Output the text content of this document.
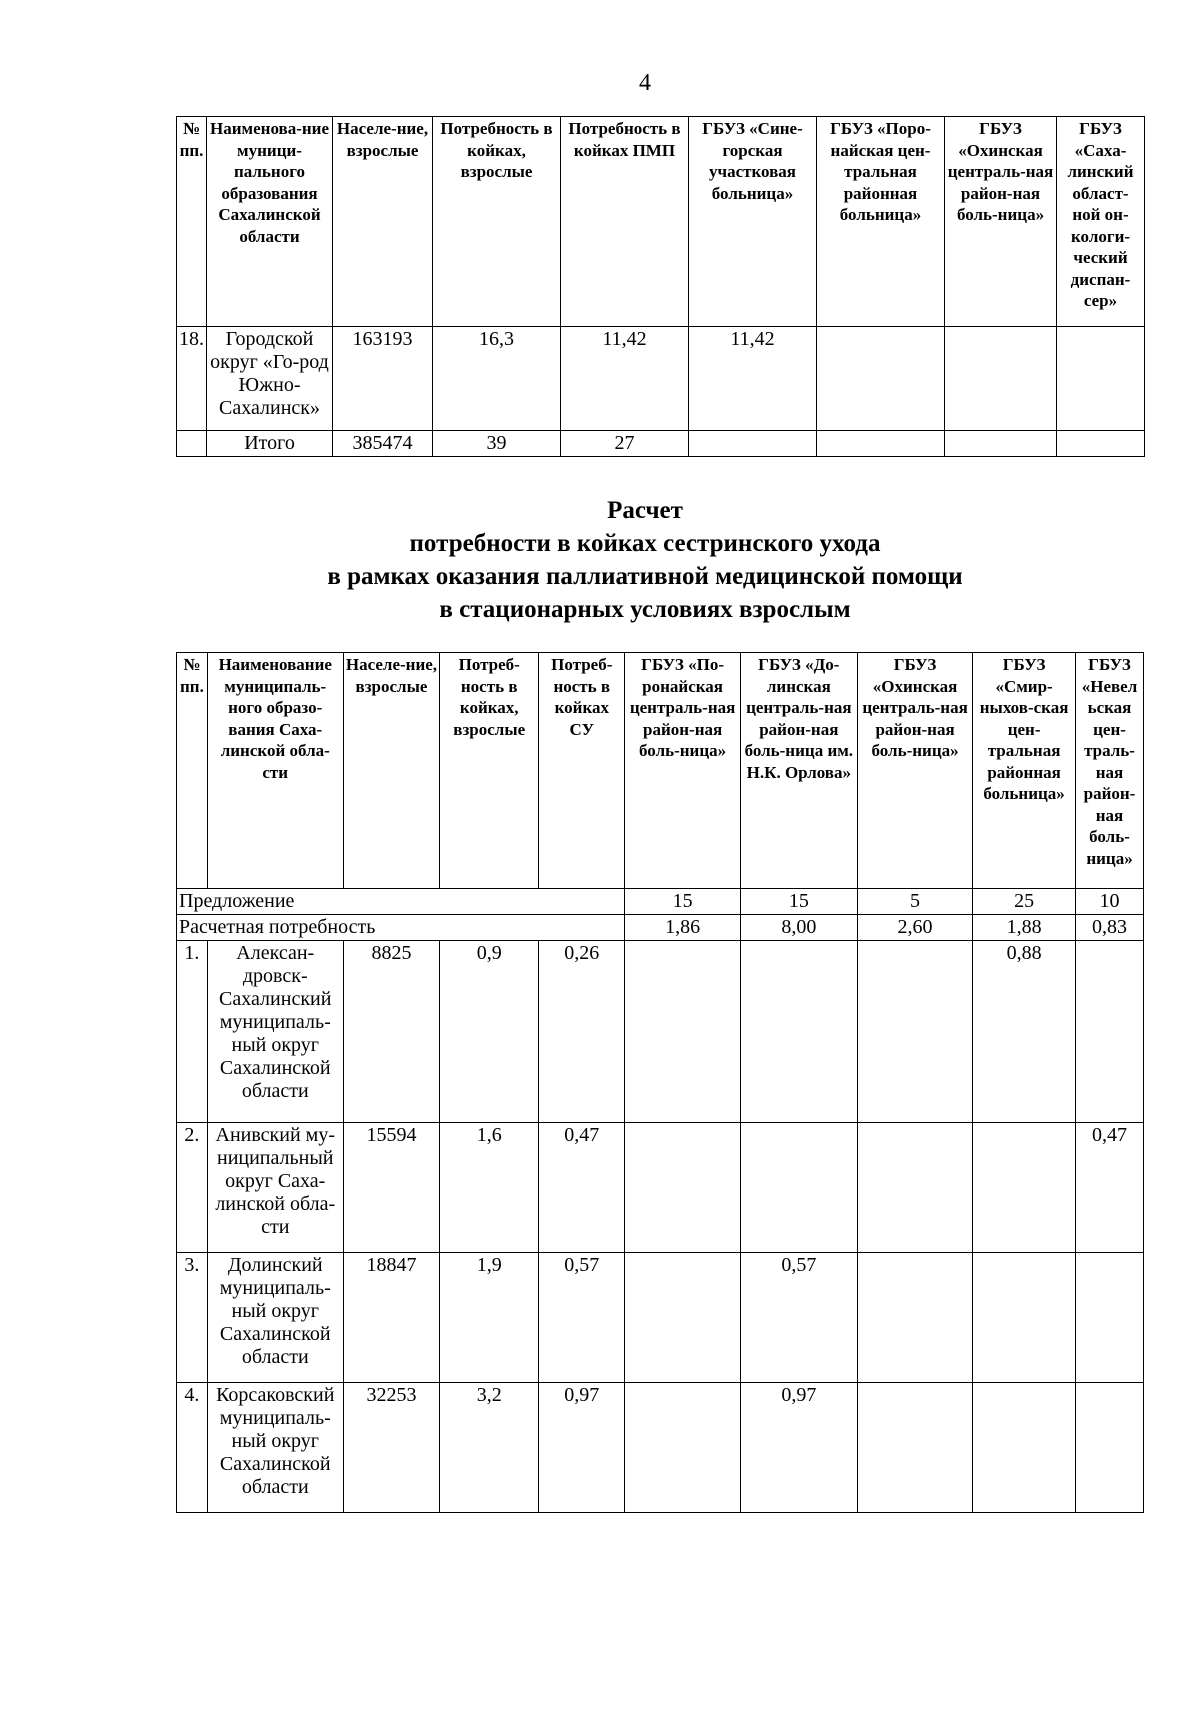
4
№ пп.	Наименова-ние муници-пального образования Сахалинской области	Населе-ние, взрослые	Потребность в койках, взрослые	Потребность в койках ПМП	ГБУЗ «Сине-горская участковая больница»	ГБУЗ «Поро-найская цен-тральная районная больница»	ГБУЗ «Охинская централь-ная район-ная боль-ница»	ГБУЗ «Саха-линский област-ной он-кологи-ческий диспан-сер»
18.	Городской округ «Го-род Южно-Сахалинск»	163193	16,3	11,42	11,42			
	Итого	385474	39	27				
Расчет
потребности в койках сестринского ухода
в рамках оказания паллиативной медицинской помощи
в стационарных условиях взрослым
№ пп.	Наименование муниципаль-ного образо-вания Саха-линской обла-сти	Населе-ние, взрослые	Потреб-ность в койках, взрослые	Потреб-ность в койках СУ	ГБУЗ «По-ронайская централь-ная район-ная боль-ница»	ГБУЗ «До-линская централь-ная район-ная боль-ница им. Н.К. Орлова»	ГБУЗ «Охинская централь-ная район-ная боль-ница»	ГБУЗ «Смир-ныхов-ская цен-тральная районная больница»	ГБУЗ «Невел ьская цен-траль-ная район-ная боль-ница»
Предложение					15	15	5	25	10
Расчетная потребность					1,86	8,00	2,60	1,88	0,83
1.	Алексан-дровск-Сахалинский муниципаль-ный округ Сахалинской области	8825	0,9	0,26				0,88	
2.	Анивский му-ниципальный округ Саха-линской обла-сти	15594	1,6	0,47					0,47
3.	Долинский муниципаль-ный округ Сахалинской области	18847	1,9	0,57		0,57			
4.	Корсаковский муниципаль-ный округ Сахалинской области	32253	3,2	0,97		0,97			
